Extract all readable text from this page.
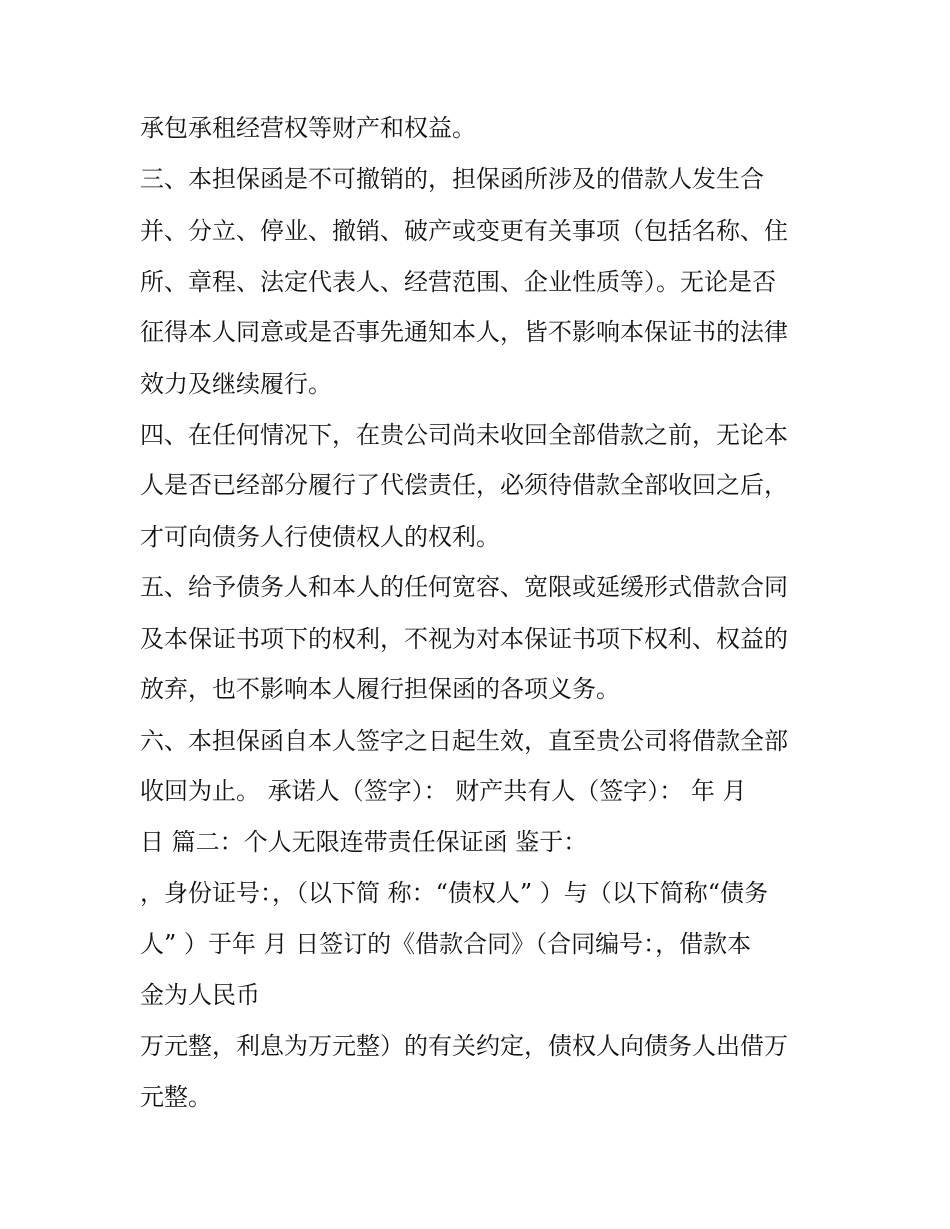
承包承租经营权等财产和权益。

三、本担保函是不可撤销的，担保函所涉及的借款人发生合

并、分立、停业、撤销、破产或变更有关事项（包括名称、住

所、章程、法定代表人、经营范围、企业性质等）。无论是否

征得本人同意或是否事先通知本人，皆不影响本保证书的法律

效力及继续履行。

四、在任何情况下，在贵公司尚未收回全部借款之前，无论本

人是否已经部分履行了代偿责任，必须待借款全部收回之后，

才可向债务人行使债权人的权利。

五、给予债务人和本人的任何宽容、宽限或延缓形式借款合同

及本保证书项下的权利，不视为对本保证书项下权利、权益的

放弃，也不影响本人履行担保函的各项义务。

六、本担保函自本人签字之日起生效，直至贵公司将借款全部

收回为止。 承诺人（签字）： 财产共有人（签字）： 年 月

日 篇二：个人无限连带责任保证函 鉴于：

，身份证号：，（以下简 称：“债权人” ）与（以下简称“债务

人” ）于年 月 日签订的《借款合同》（合同编号：，借款本

金为人民币

万元整，利息为万元整）的有关约定，债权人向债务人出借万

元整。
